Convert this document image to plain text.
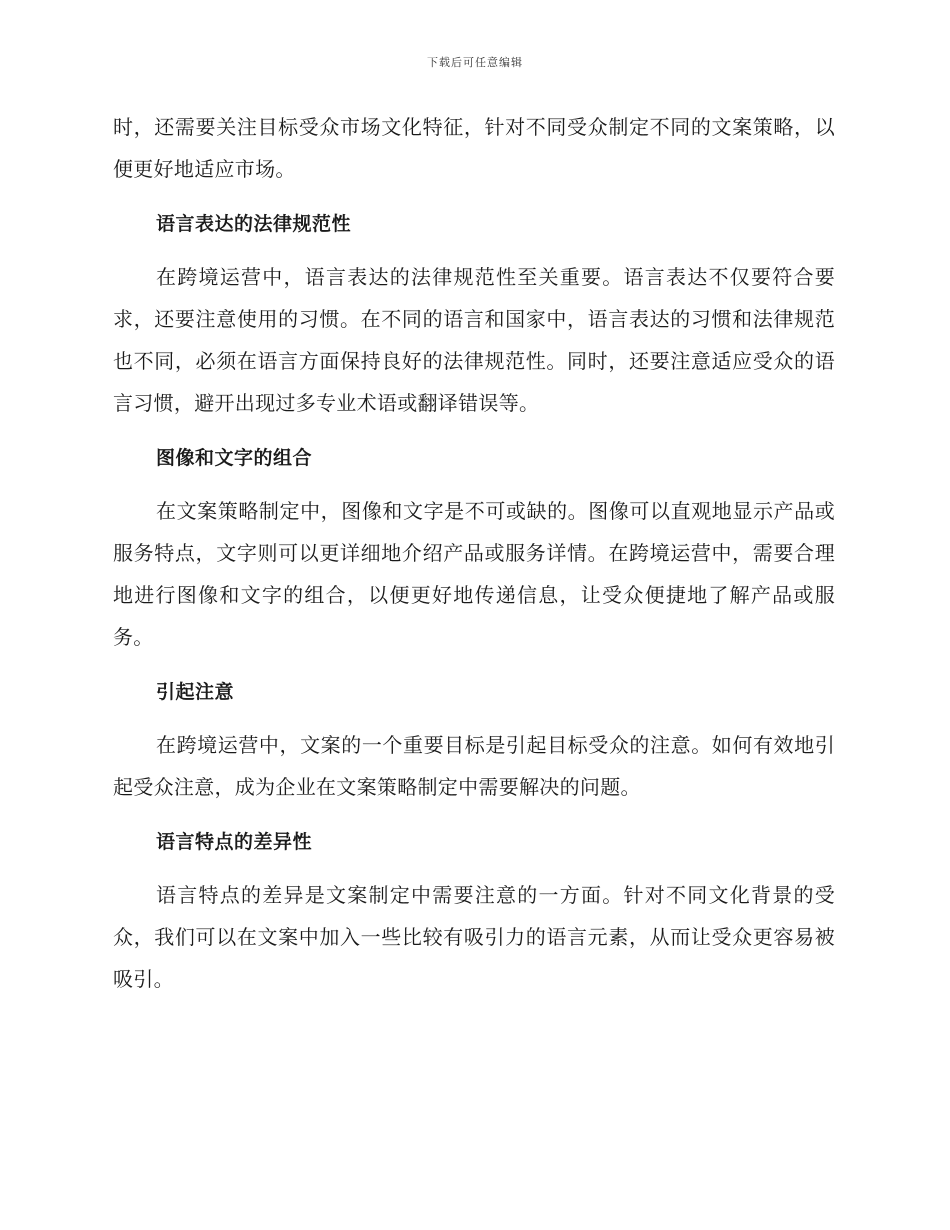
下载后可任意编辑

时，还需要关注目标受众市场文化特征，针对不同受众制定不同的文案策略，以便更好地适应市场。

语言表达的法律规范性

在跨境运营中，语言表达的法律规范性至关重要。语言表达不仅要符合要求，还要注意使用的习惯。在不同的语言和国家中，语言表达的习惯和法律规范也不同，必须在语言方面保持良好的法律规范性。同时，还要注意适应受众的语言习惯，避开出现过多专业术语或翻译错误等。

图像和文字的组合

在文案策略制定中，图像和文字是不可或缺的。图像可以直观地显示产品或服务特点，文字则可以更详细地介绍产品或服务详情。在跨境运营中，需要合理地进行图像和文字的组合，以便更好地传递信息，让受众便捷地了解产品或服务。

引起注意

在跨境运营中，文案的一个重要目标是引起目标受众的注意。如何有效地引起受众注意，成为企业在文案策略制定中需要解决的问题。

语言特点的差异性

语言特点的差异是文案制定中需要注意的一方面。针对不同文化背景的受众，我们可以在文案中加入一些比较有吸引力的语言元素，从而让受众更容易被吸引。
